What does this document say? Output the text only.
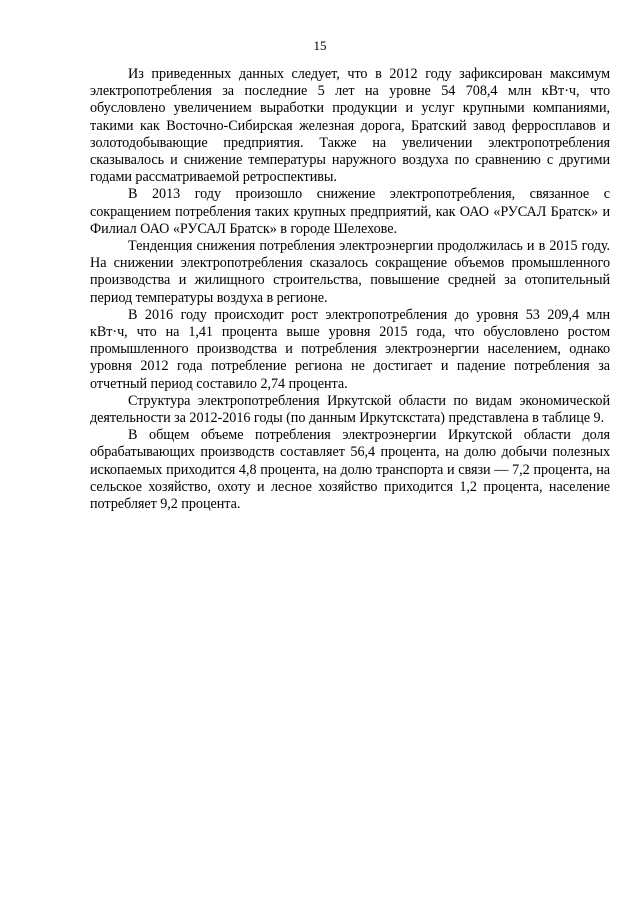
15

Из приведенных данных следует, что в 2012 году зафиксирован максимум электропотребления за последние 5 лет на уровне 54 708,4 млн кВт·ч, что обусловлено увеличением выработки продукции и услуг крупными компаниями, такими как Восточно-Сибирская железная дорога, Братский завод ферросплавов и золотодобывающие предприятия. Также на увеличении электропотребления сказывалось и снижение температуры наружного воздуха по сравнению с другими годами рассматриваемой ретроспективы.

В 2013 году произошло снижение электропотребления, связанное с сокращением потребления таких крупных предприятий, как ОАО «РУСАЛ Братск» и Филиал ОАО «РУСАЛ Братск» в городе Шелехове.

Тенденция снижения потребления электроэнергии продолжилась и в 2015 году. На снижении электропотребления сказалось сокращение объемов промышленного производства и жилищного строительства, повышение средней за отопительный период температуры воздуха в регионе.

В 2016 году происходит рост электропотребления до уровня 53 209,4 млн кВт·ч, что на 1,41 процента выше уровня 2015 года, что обусловлено ростом промышленного производства и потребления электроэнергии населением, однако уровня 2012 года потребление региона не достигает и падение потребления за отчетный период составило 2,74 процента.

Структура электропотребления Иркутской области по видам экономической деятельности за 2012-2016 годы (по данным Иркутскстата) представлена в таблице 9.

В общем объеме потребления электроэнергии Иркутской области доля обрабатывающих производств составляет 56,4 процента, на долю добычи полезных ископаемых приходится 4,8 процента, на долю транспорта и связи — 7,2 процента, на сельское хозяйство, охоту и лесное хозяйство приходится 1,2 процента, население потребляет 9,2 процента.
